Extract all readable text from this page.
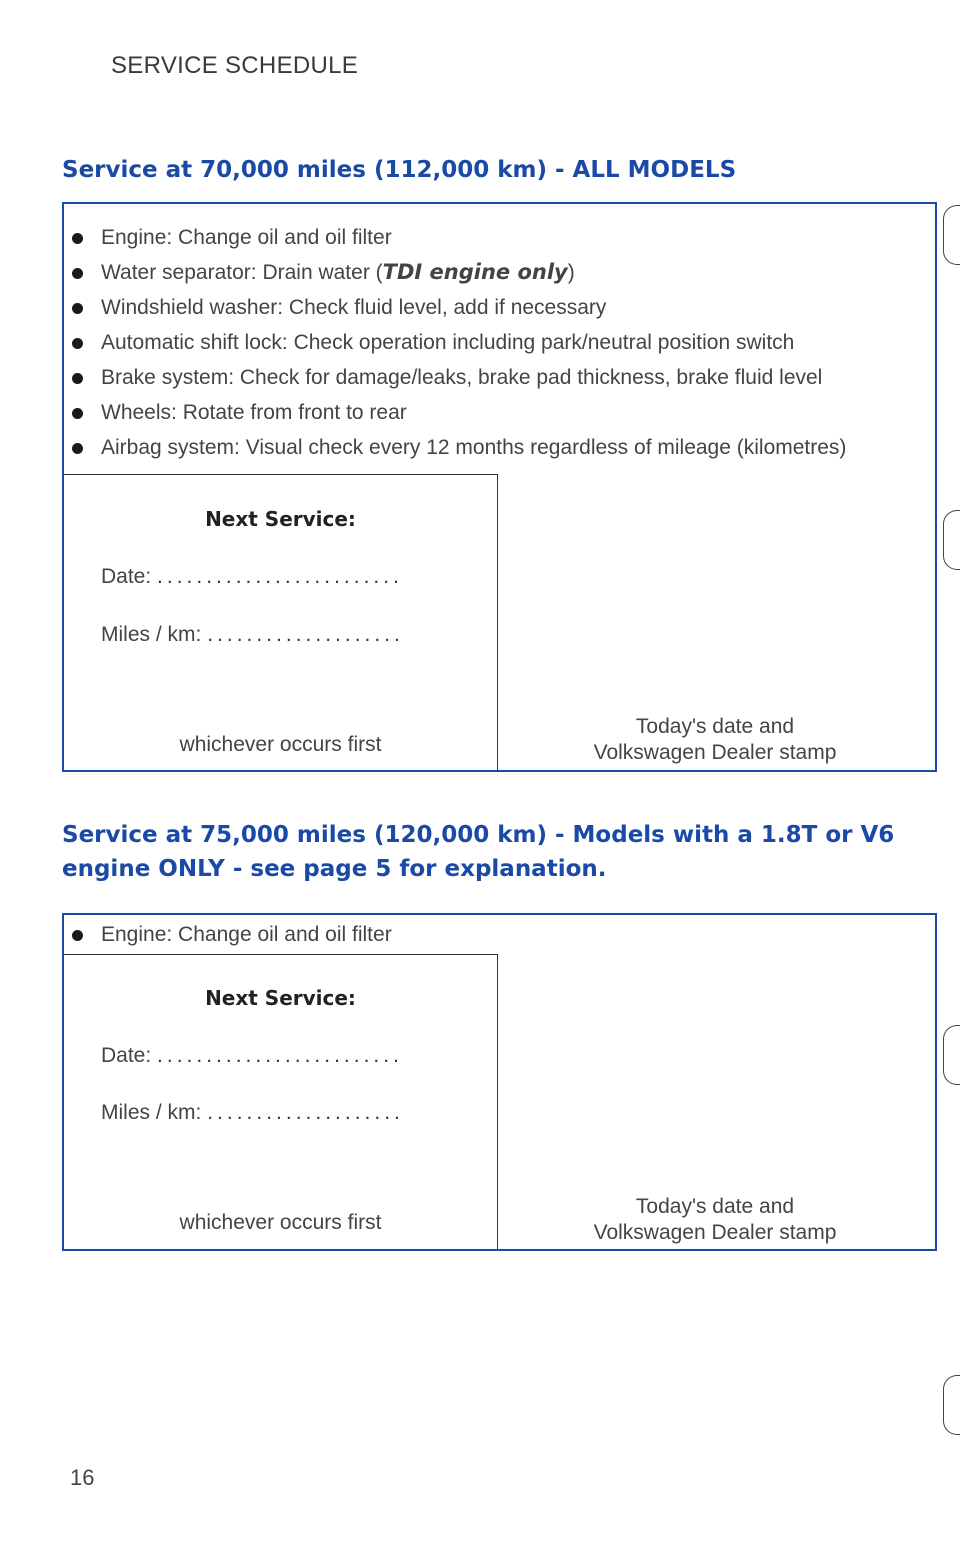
SERVICE SCHEDULE
Service at 70,000 miles (112,000 km) - ALL MODELS
Engine: Change oil and oil filter
Water separator: Drain water (TDI engine only)
Windshield washer: Check fluid level, add if necessary
Automatic shift lock: Check operation including park/neutral position switch
Brake system: Check for damage/leaks, brake pad thickness, brake fluid level
Wheels: Rotate from front to rear
Airbag system: Visual check every 12 months regardless of mileage (kilometres)
Next Service:
Date: .........................
Miles / km: ....................
whichever occurs first
Today's date and
Volkswagen Dealer stamp
Service at 75,000 miles (120,000 km) - Models with a 1.8T or V6 engine ONLY - see page 5 for explanation.
Engine: Change oil and oil filter
Next Service:
Date: .........................
Miles / km: ....................
whichever occurs first
Today's date and
Volkswagen Dealer stamp
16
